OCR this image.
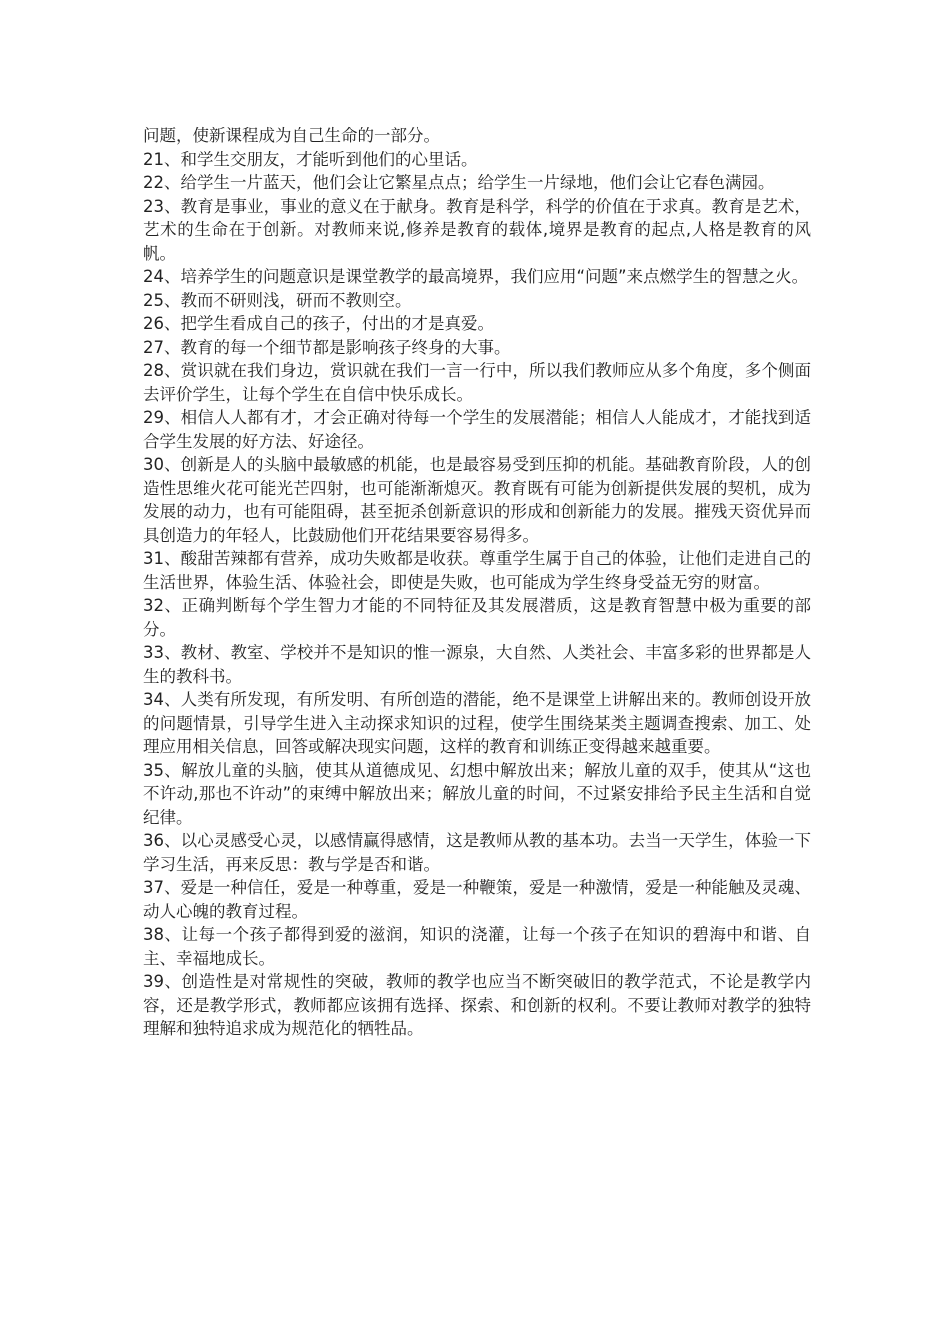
问题，使新课程成为自己生命的一部分。

21、和学生交朋友，才能听到他们的心里话。

22、给学生一片蓝天，他们会让它繁星点点；给学生一片绿地，他们会让它春色满园。

23、教育是事业，事业的意义在于献身。教育是科学，科学的价值在于求真。教育是艺术，艺术的生命在于创新。对教师来说,修养是教育的载体,境界是教育的起点,人格是教育的风帆。

24、培养学生的问题意识是课堂教学的最高境界，我们应用“问题”来点燃学生的智慧之火。

25、教而不研则浅，研而不教则空。

26、把学生看成自己的孩子，付出的才是真爱。

27、教育的每一个细节都是影响孩子终身的大事。

28、赏识就在我们身边，赏识就在我们一言一行中，所以我们教师应从多个角度，多个侧面去评价学生，让每个学生在自信中快乐成长。

29、相信人人都有才，才会正确对待每一个学生的发展潜能；相信人人能成才，才能找到适合学生发展的好方法、好途径。

30、创新是人的头脑中最敏感的机能，也是最容易受到压抑的机能。基础教育阶段，人的创造性思维火花可能光芒四射，也可能渐渐熄灭。教育既有可能为创新提供发展的契机，成为发展的动力，也有可能阻碍，甚至扼杀创新意识的形成和创新能力的发展。摧残天资优异而具创造力的年轻人，比鼓励他们开花结果要容易得多。

31、酸甜苦辣都有营养，成功失败都是收获。尊重学生属于自己的体验，让他们走进自己的生活世界，体验生活、体验社会，即使是失败，也可能成为学生终身受益无穷的财富。

32、正确判断每个学生智力才能的不同特征及其发展潜质，这是教育智慧中极为重要的部分。

33、教材、教室、学校并不是知识的惟一源泉，大自然、人类社会、丰富多彩的世界都是人生的教科书。

34、人类有所发现，有所发明、有所创造的潜能，绝不是课堂上讲解出来的。教师创设开放的问题情景，引导学生进入主动探求知识的过程，使学生围绕某类主题调查搜索、加工、处理应用相关信息，回答或解决现实问题，这样的教育和训练正变得越来越重要。

35、解放儿童的头脑，使其从道德成见、幻想中解放出来；解放儿童的双手，使其从“这也不许动,那也不许动”的束缚中解放出来；解放儿童的时间，不过紧安排给予民主生活和自觉纪律。

36、以心灵感受心灵，以感情赢得感情，这是教师从教的基本功。去当一天学生，体验一下学习生活，再来反思：教与学是否和谐。

37、爱是一种信任，爱是一种尊重，爱是一种鞭策，爱是一种激情，爱是一种能触及灵魂、动人心魄的教育过程。

38、让每一个孩子都得到爱的滋润，知识的浇灌，让每一个孩子在知识的碧海中和谐、自主、幸福地成长。

39、创造性是对常规性的突破，教师的教学也应当不断突破旧的教学范式，不论是教学内容，还是教学形式，教师都应该拥有选择、探索、和创新的权利。不要让教师对教学的独特理解和独特追求成为规范化的牺牲品。
